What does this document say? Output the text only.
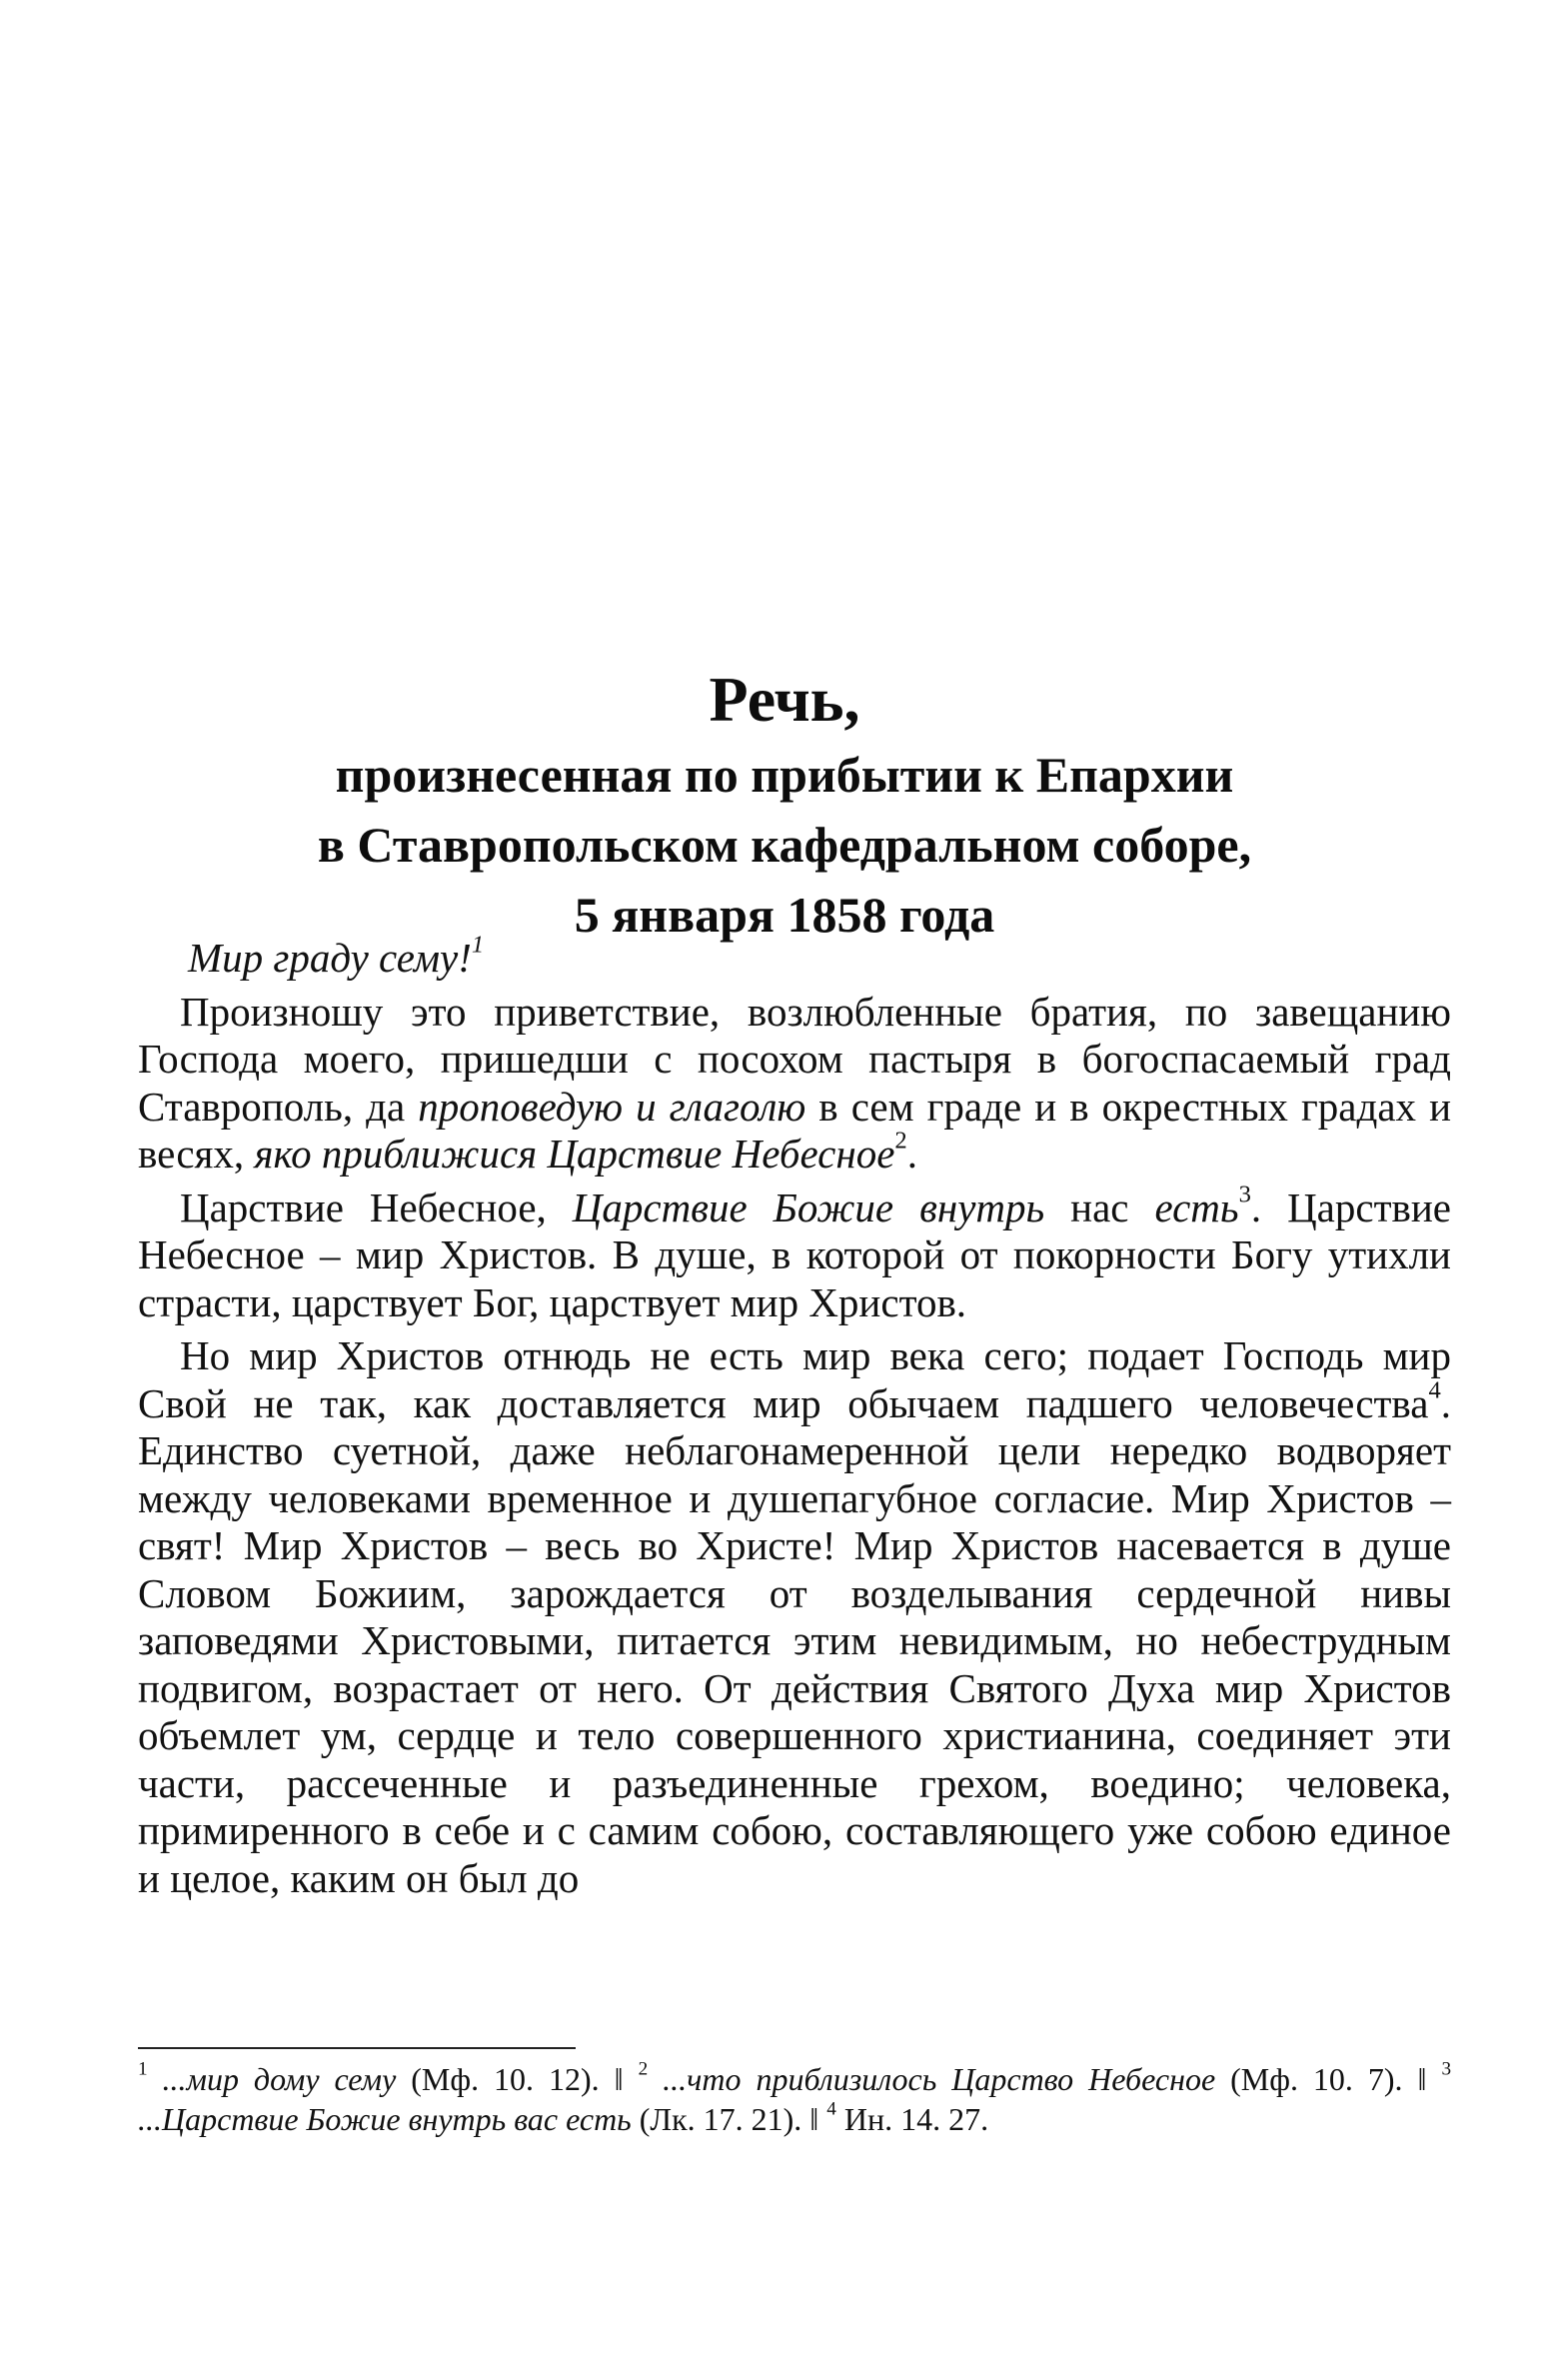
Речь,

произнесенная по прибытии к Епархии

в Ставропольском кафедральном соборе,

5 января 1858 года

Мир граду сему!$^1$

Произношу это приветствие, возлюбленные братия, по завещанию Господа моего, пришедши с посохом пастыря в богоспасаемый град Ставрополь, да проповедую и глаголю в сем граде и в окрестных градах и весях, яко приближися Царствие Небесное$^2$.

Царствие Небесное, Царствие Божие внутрь нас есть$^3$. Царствие Небесное – мир Христов. В душе, в которой от покорности Богу утихли страсти, царствует Бог, царствует мир Христов.

Но мир Христов отнюдь не есть мир века сего; подает Господь мир Свой не так, как доставляется мир обычаем падшего человечества$^4$. Единство суетной, даже неблагонамеренной цели нередко водворяет между человеками временное и душепагубное согласие. Мир Христов – свят! Мир Христов – весь во Христе! Мир Христов насевается в душе Словом Божиим, зарождается от возделывания сердечной нивы заповедями Христовыми, питается этим невидимым, но небеструдным подвигом, возрастает от него. От действия Святого Духа мир Христов объемлет ум, сердце и тело совершенного христианина, соединяет эти части, рассеченные и разъединенные грехом, воедино; человека, примиренного в себе и с самим собою, составляющего уже собою единое и целое, каким он был до

$^1$ ...мир дому сему (Мф. 10. 12). ‖ $^2$ ...что приблизилось Царство Небесное (Мф. 10. 7). ‖ $^3$ ...Царствие Божие внутрь вас есть (Лк. 17. 21). ‖ $^4$ Ин. 14. 27.
